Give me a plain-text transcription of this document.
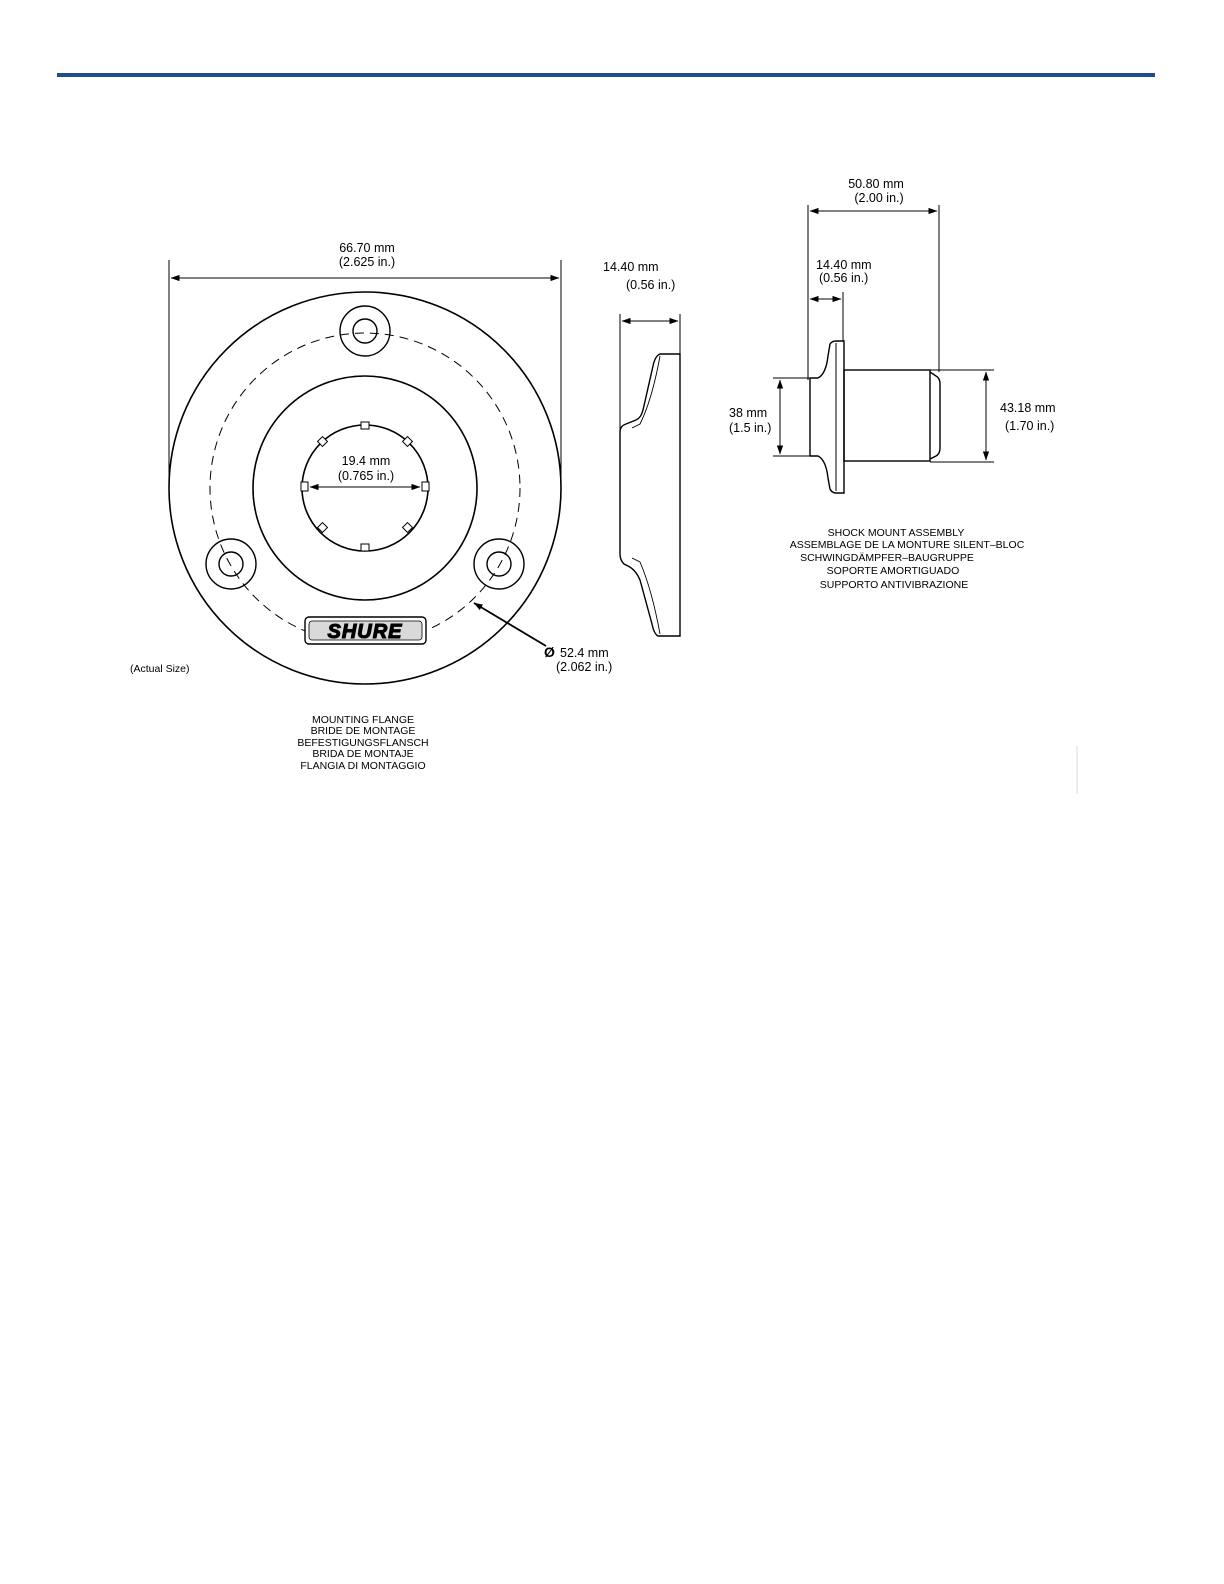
SHURE
66.70 mm
(2.625 in.)
19.4 mm
(0.765 in.)
Ø 52.4 mm
(2.062 in.)
(Actual Size)
MOUNTING FLANGE
BRIDE DE MONTAGE
BEFESTIGUNGSFLANSCH
BRIDA DE MONTAJE
FLANGIA DI MONTAGGIO
14.40 mm
(0.56 in.)
50.80 mm
(2.00 in.)
14.40 mm
(0.56 in.)
38 mm
(1.5 in.)
43.18 mm
(1.70 in.)
SHOCK MOUNT ASSEMBLY
ASSEMBLAGE DE LA MONTURE SILENT–BLOC
SCHWINGDÄMPFER–BAUGRUPPE
SOPORTE AMORTIGUADO
SUPPORTO ANTIVIBRAZIONE
